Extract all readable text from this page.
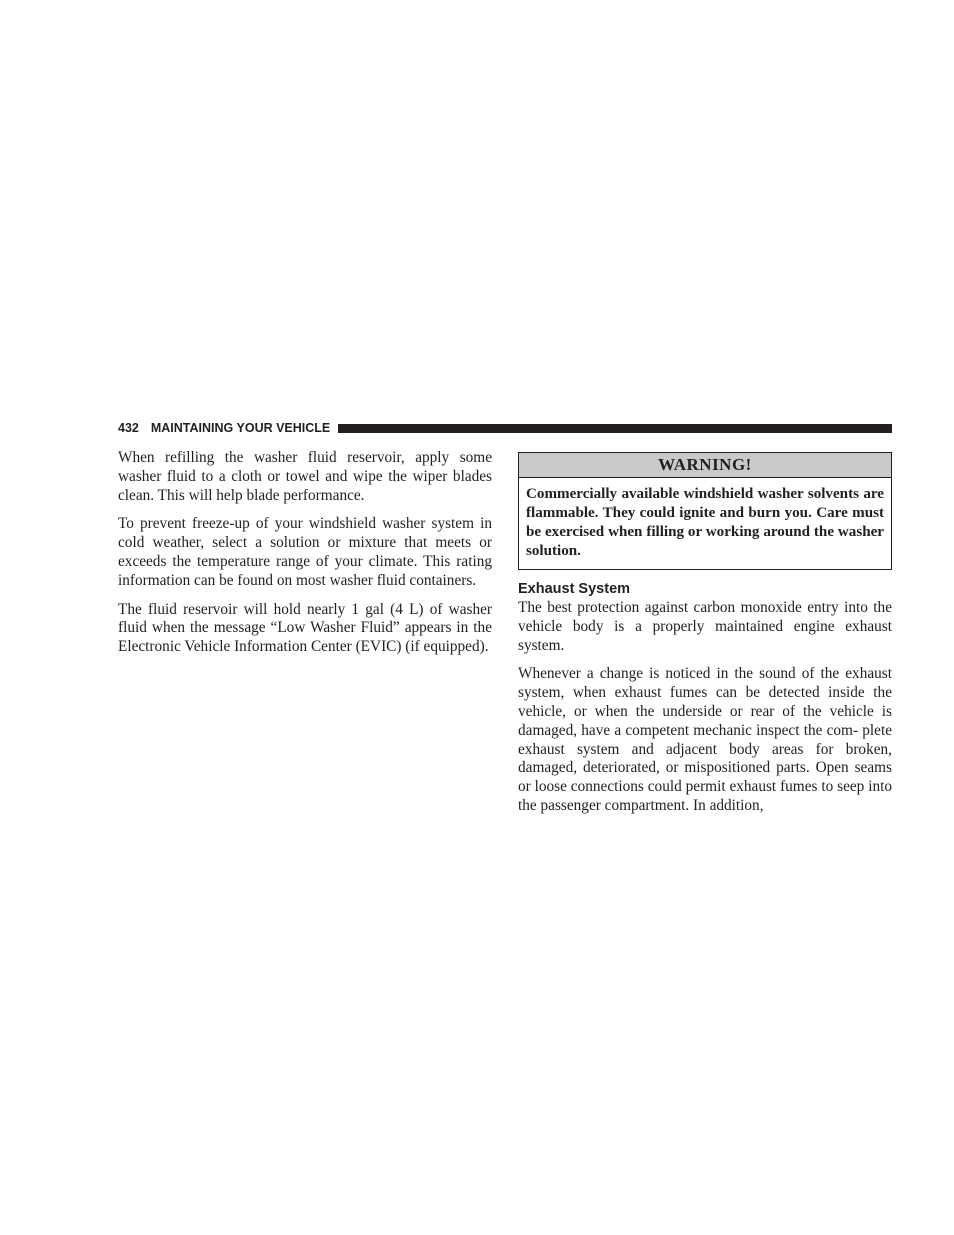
432 MAINTAINING YOUR VEHICLE

When refilling the washer fluid reservoir, apply some washer fluid to a cloth or towel and wipe the wiper blades clean. This will help blade performance.

To prevent freeze-up of your windshield washer system in cold weather, select a solution or mixture that meets or exceeds the temperature range of your climate. This rating information can be found on most washer fluid containers.

The fluid reservoir will hold nearly 1 gal (4 L) of washer fluid when the message “Low Washer Fluid” appears in the Electronic Vehicle Information Center (EVIC) (if equipped).

WARNING!
Commercially available windshield washer solvents are flammable. They could ignite and burn you. Care must be exercised when filling or working around the washer solution.
Exhaust System

The best protection against carbon monoxide entry into the vehicle body is a properly maintained engine exhaust system.

Whenever a change is noticed in the sound of the exhaust system, when exhaust fumes can be detected inside the vehicle, or when the underside or rear of the vehicle is damaged, have a competent mechanic inspect the com- plete exhaust system and adjacent body areas for broken, damaged, deteriorated, or mispositioned parts. Open seams or loose connections could permit exhaust fumes to seep into the passenger compartment. In addition,
